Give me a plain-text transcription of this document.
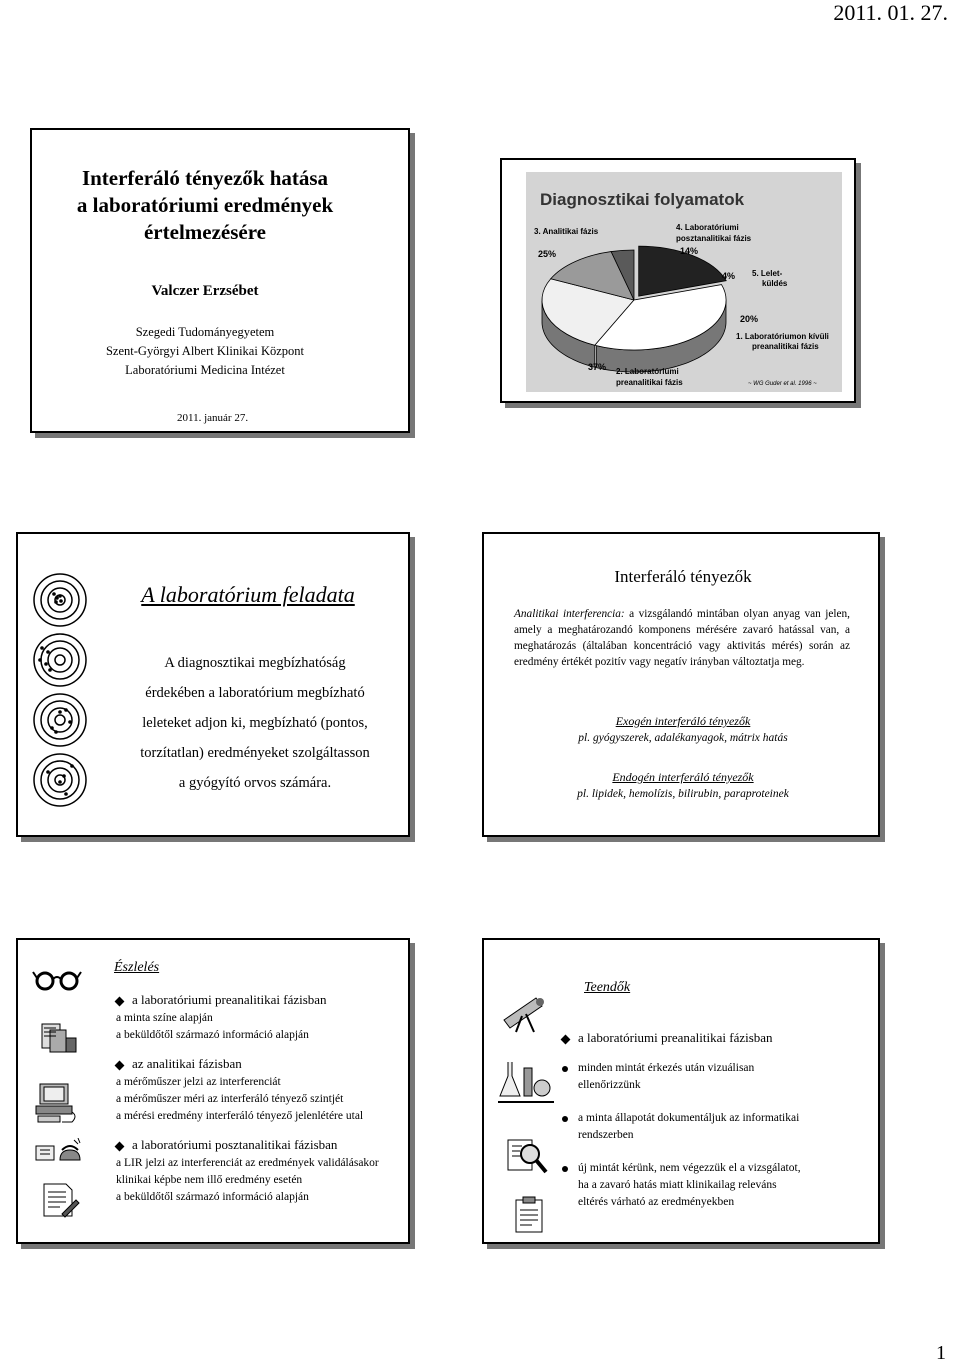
2011. 01. 27.
Interferáló tényezők hatása
a laboratóriumi eredmények
értelmezésére
Valczer Erzsébet
Szegedi Tudományegyetem
Szent-Györgyi Albert Klinikai Központ
Laboratóriumi Medicina Intézet
2011. január 27.
Diagnosztikai folyamatok
3. Analitikai fázis
25%
4. Laboratóriumi
posztanalitikai fázis
14%
4% 5. Lelet-
küldés
20%
1. Laboratóriumon kívüli
preanalitikai fázis
37% 2. Laboratóriumi
preanalitikai fázis	~ WG Guder et al. 1996 ~
A laboratórium feladata
A diagnosztikai megbízhatóság
érdekében a laboratórium megbízható
leleteket adjon ki, megbízható (pontos,
torzítatlan) eredményeket szolgáltasson
a gyógyító orvos számára.
Interferáló tényezők
Analitikai interferencia: a vizsgálandó mintában olyan anyag van jelen, amely a meghatározandó komponens mérésére zavaró hatással van, a meghatározás (általában koncentráció vagy aktivitás mérés) során az eredmény értékét pozitív vagy negatív irányban változtatja meg.
Exogén interferáló tényezők
pl. gyógyszerek, adalékanyagok, mátrix hatás
Endogén interferáló tényezők
pl. lipidek, hemolízis, bilirubin, paraproteinek
Észlelés
a laboratóriumi preanalitikai fázisban
a minta színe alapján
a beküldőtől származó információ alapján
az analitikai fázisban
a mérőműszer jelzi az interferenciát
a mérőműszer méri az interferáló tényező szintjét
a mérési eredmény interferáló tényező jelenlétére utal
a laboratóriumi posztanalitikai fázisban
a LIR jelzi az interferenciát az eredmények validálásakor
klinikai képbe nem illő eredmény esetén
a beküldőtől származó információ alapján
Teendők
a laboratóriumi preanalitikai fázisban
minden mintát érkezés után vizuálisan
ellenőrizzünk
a minta állapotát dokumentáljuk az informatikai
rendszerben
új mintát kérünk, nem végezzük el a vizsgálatot,
ha a zavaró hatás miatt klinikailag releváns
eltérés várható az eredményekben
1
